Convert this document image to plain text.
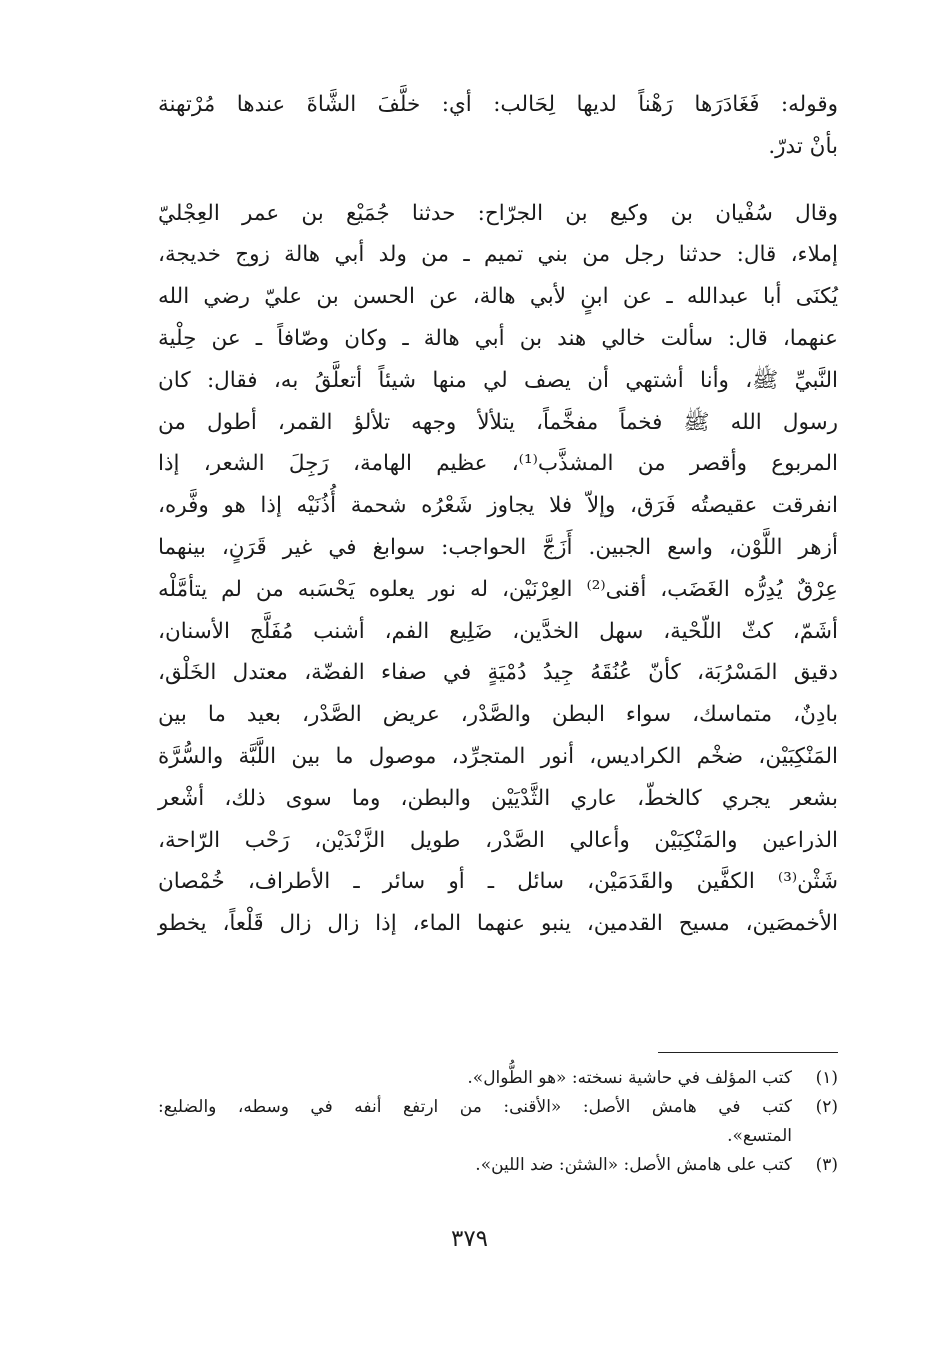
وقوله: فَغَادَرَها رَهْناً لديها لِحَالب: أي: خلَّفَ الشَّاةَ عندها مُرْتهنة
بأنْ تدرّ.
وقال سُفْيان بن وكيع بن الجرّاح: حدثنا جُمَيْع بن عمر العِجْليّ
إملاء، قال: حدثنا رجل من بني تميم ـ من ولد أبي هالة زوج خديجة،
يُكنَى أبا عبدالله ـ عن ابنٍ لأبي هالة، عن الحسن بن عليّ رضي الله
عنهما، قال: سألت خالي هند بن أبي هالة ـ وكان وصّافاً ـ عن حِلْية
النَّبيِّ ﷺ، وأنا أشتهي أن يصف لي منها شيئاً أتعلَّقُ به، فقال: كان
رسول الله ﷺ فخماً مفخَّماً، يتلألأ وجهه تلألؤ القمر، أطول من
المربوع وأقصر من المشذَّب⁽¹⁾، عظيم الهامة، رَجِلَ الشعر، إذا
انفرقت عقيصتُه فَرَق، وإلاّ فلا يجاوز شَعْرُه شحمة أُذُنَيْه إذا هو وفَّره،
أزهر اللَّوْن، واسع الجبين. أَزَجَّ الحواجب: سوابغ في غير قَرَنٍ، بينهما
عِرْقٌ يُدِرُّه الغَضَب، أقنى⁽²⁾ العِرْنَيْن، له نور يعلوه يَحْسَبه من لم يتأمَّلْه
أشَمّ، كثّ اللّحْية، سهل الخدَّين، ضَلِيع الفم، أشنب مُفَلَّج الأسنان،
دقيق المَسْرُبَة، كأنّ عُنُقَهُ جِيدُ دُمْيَةٍ في صفاء الفضّة، معتدل الخَلْق،
بادِنٌ، متماسك، سواء البطن والصَّدْر، عريض الصَّدْر، بعيد ما بين
المَنْكِبَيْن، ضخْم الكراديس، أنور المتجرِّد، موصول ما بين اللَّبَّة والسُّرَّة
بشعر يجري كالخطّ، عاري الثَّدْيَيْن والبطن، وما سوى ذلك، أشْعر
الذراعين والمَنْكِبَيْن وأعالي الصَّدْر، طويل الزَّنْدَيْن، رَحْب الرّاحة،
شَثْن⁽³⁾ الكفَّين والقَدَمَيْن، سائل ـ أو سائر ـ الأطراف، خُمْصان
الأخمصَين، مسيح القدمين، ينبو عنهما الماء، إذا زال زال قَلْعاً، يخطو
(١)
كتب المؤلف في حاشية نسخته: «هو الطُّوال».
(٢)
كتب في هامش الأصل: «الأقنى: من ارتفع أنفه في وسطه، والضليع:
المتسع».
(٣)
كتب على هامش الأصل: «الشثن: ضد اللين».
٣٧٩
